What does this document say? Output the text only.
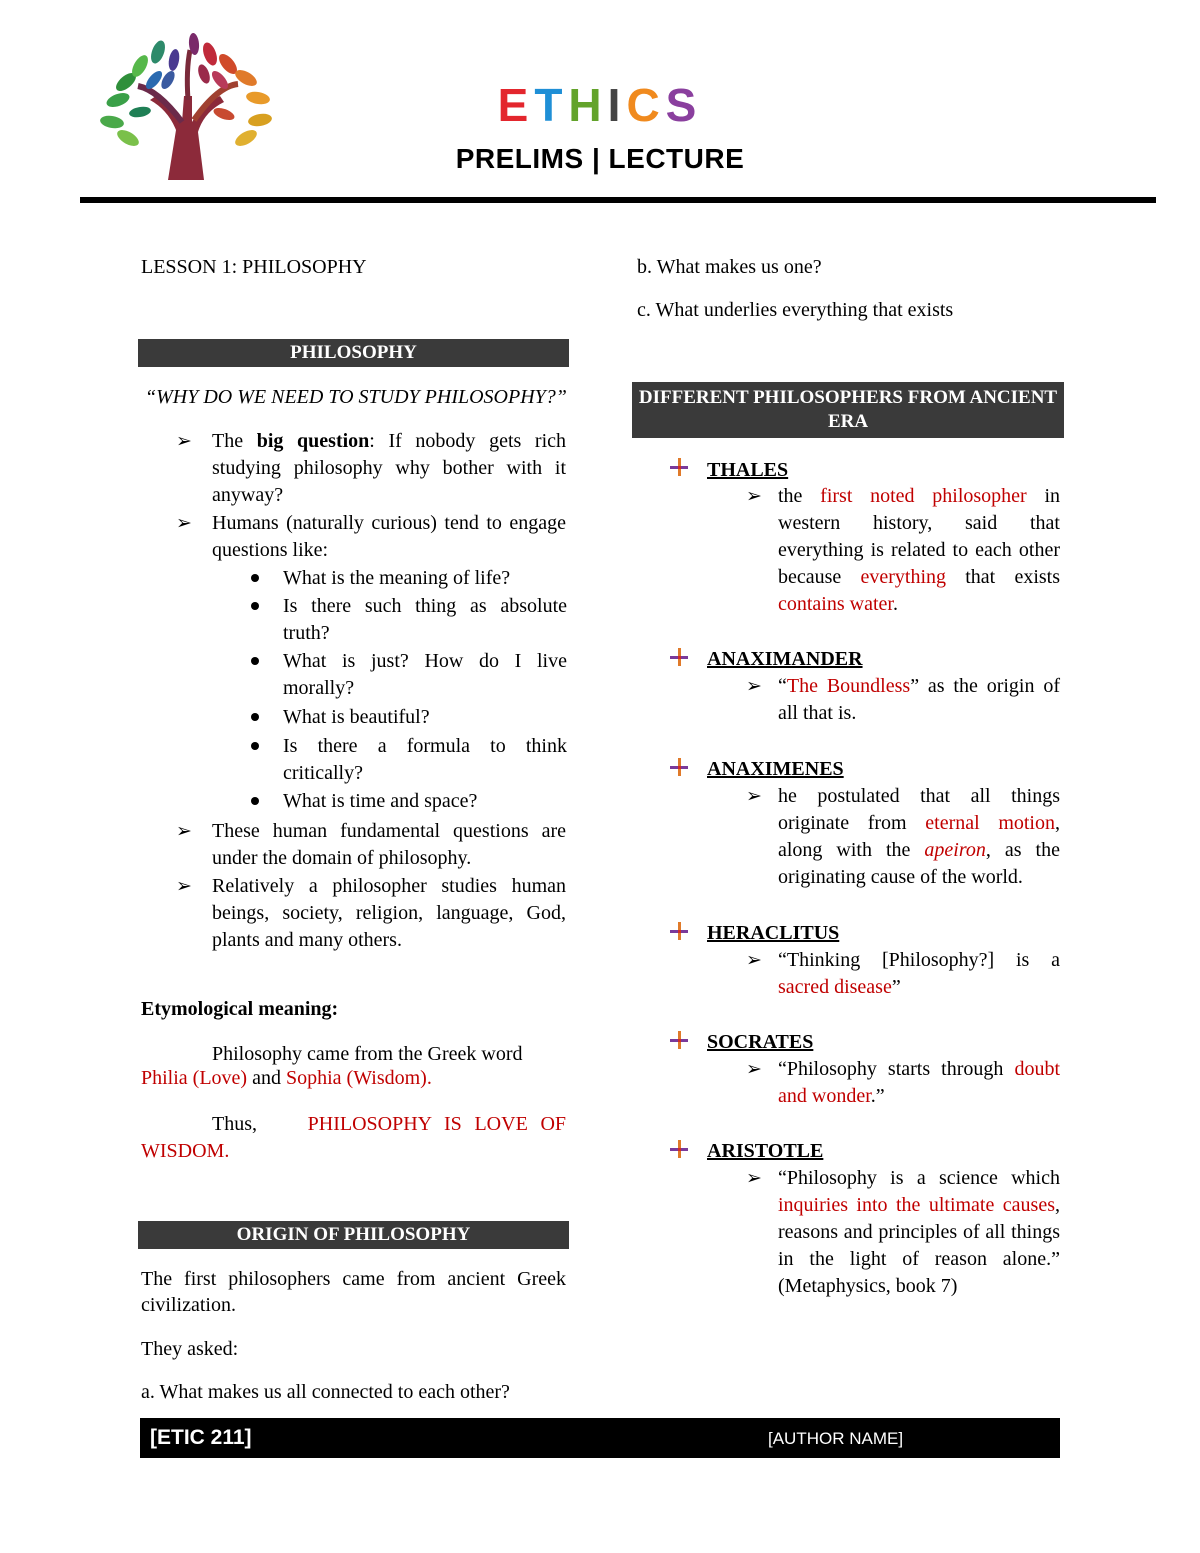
ETHICS
PRELIMS | LECTURE
LESSON 1: PHILOSOPHY
PHILOSOPHY
“WHY DO WE NEED TO STUDY PHILOSOPHY?”
➢ The big question: If nobody gets rich studying philosophy why bother with it anyway?
➢ Humans (naturally curious) tend to engage questions like:
What is the meaning of life?
Is there such thing as absolute truth?
What is just? How do I live morally?
What is beautiful?
Is there a formula to think critically?
What is time and space?
➢ These human fundamental questions are under the domain of philosophy.
➢ Relatively a philosopher studies human beings, society, religion, language, God, plants and many others.
Etymological meaning:
Philosophy came from the Greek word
Philia (Love) and Sophia (Wisdom).
Thus,	PHILOSOPHY IS LOVE OF WISDOM.
ORIGIN OF PHILOSOPHY
The first philosophers came from ancient Greek civilization.
They asked:
a. What makes us all connected to each other?
b. What makes us one?
c. What underlies everything that exists
DIFFERENT PHILOSOPHERS FROM ANCIENT ERA
THALES
➢ the first noted philosopher in western history, said that everything is related to each other because everything that exists contains water.
ANAXIMANDER
➢ “The Boundless” as the origin of all that is.
ANAXIMENES
➢ he postulated that all things originate from eternal motion, along with the apeiron, as the originating cause of the world.
HERACLITUS
➢ “Thinking [Philosophy?] is a sacred disease”
SOCRATES
➢ “Philosophy starts through doubt and wonder.”
ARISTOTLE
➢ “Philosophy is a science which inquiries into the ultimate causes, reasons and principles of all things in the light of reason alone.” (Metaphysics, book 7)
[ETIC 211]	[AUTHOR NAME]
